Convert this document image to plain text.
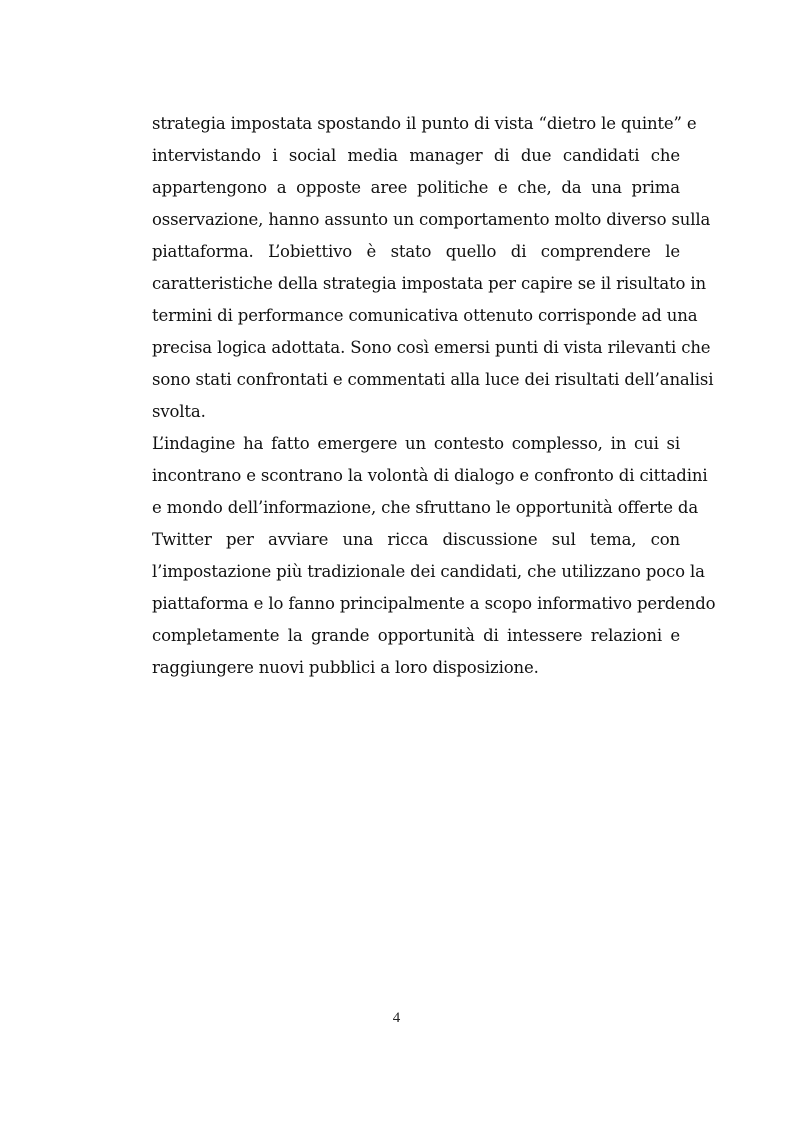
strategia impostata spostando il punto di vista “dietro le quinte” e
intervistando i social media manager di due candidati che
appartengono a opposte aree politiche e che, da una prima
osservazione, hanno assunto un comportamento molto diverso sulla
piattaforma. L’obiettivo è stato quello di comprendere le
caratteristiche della strategia impostata per capire se il risultato in
termini di performance comunicativa ottenuto corrisponde ad una
precisa logica adottata. Sono così emersi punti di vista rilevanti che
sono stati confrontati e commentati alla luce dei risultati dell’analisi
svolta.
L’indagine ha fatto emergere un contesto complesso, in cui si
incontrano e scontrano la volontà di dialogo e confronto di cittadini
e mondo dell’informazione, che sfruttano le opportunità offerte da
Twitter per avviare una ricca discussione sul tema, con
l’impostazione più tradizionale dei candidati, che utilizzano poco la
piattaforma e lo fanno principalmente a scopo informativo perdendo
completamente la grande opportunità di intessere relazioni e
raggiungere nuovi pubblici a loro disposizione.
4
